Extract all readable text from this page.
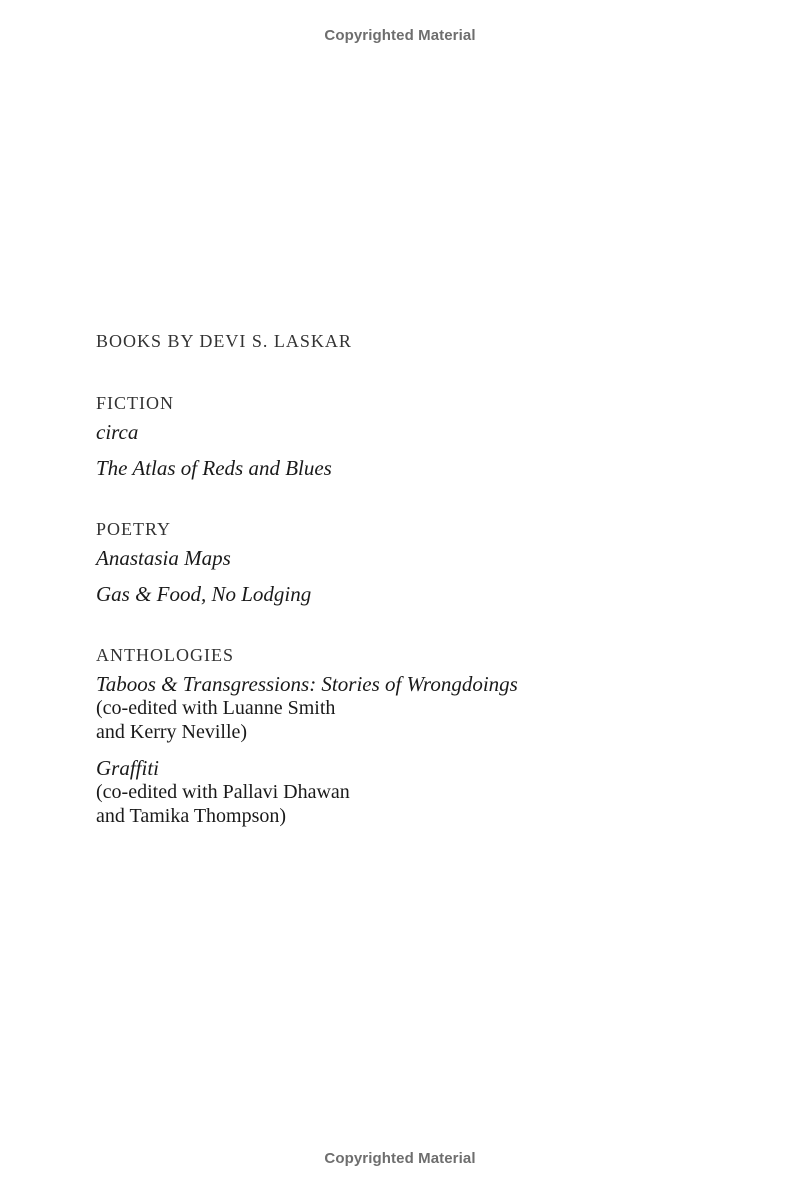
Copyrighted Material
BOOKS BY DEVI S. LASKAR
FICTION
circa
The Atlas of Reds and Blues
POETRY
Anastasia Maps
Gas & Food, No Lodging
ANTHOLOGIES
Taboos & Transgressions: Stories of Wrongdoings
(co-edited with Luanne Smith
and Kerry Neville)
Graffiti
(co-edited with Pallavi Dhawan
and Tamika Thompson)
Copyrighted Material
